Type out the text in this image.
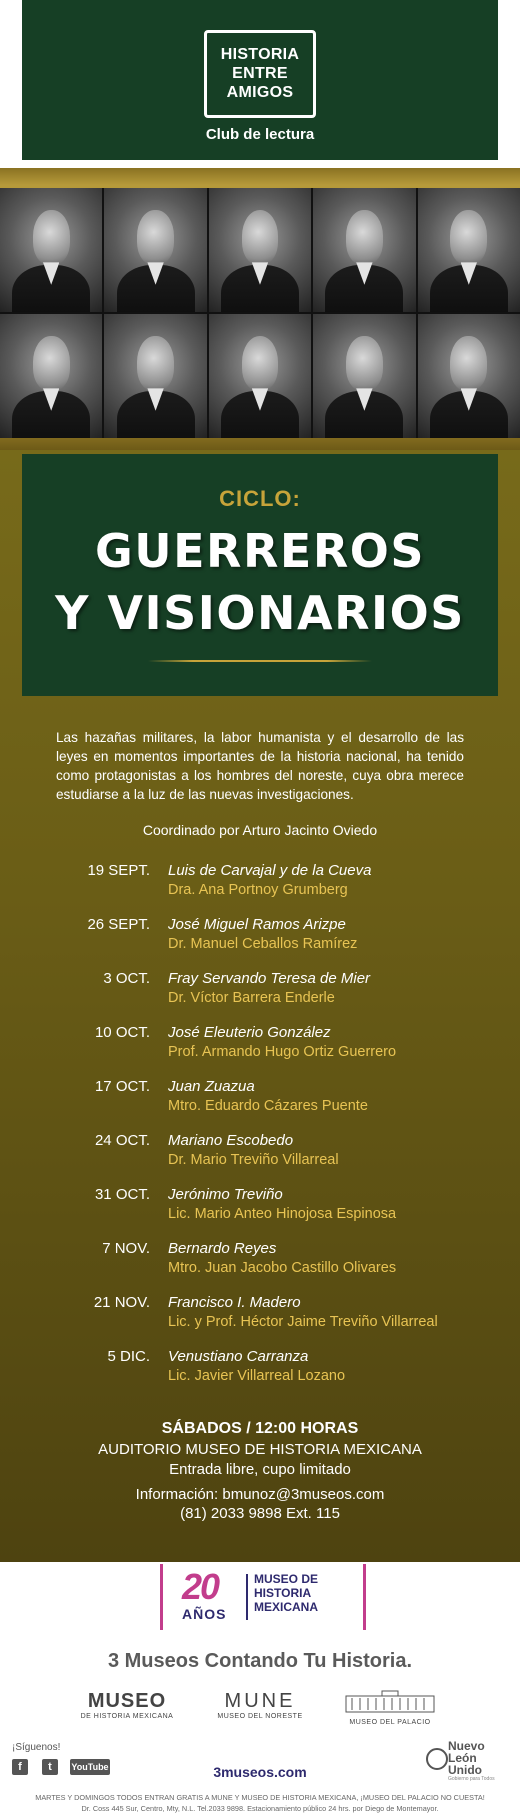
HISTORIA
ENTRE
AMIGOS
Club de lectura
CICLO:
GUERREROS
Y VISIONARIOS
Las hazañas militares, la labor humanista y el desarrollo de las leyes en momentos importantes de la historia nacional, ha tenido como protagonistas a los hombres del noreste, cuya obra merece estudiarse a la luz de las nuevas investigaciones.
Coordinado por Arturo Jacinto Oviedo
19 SEPT. Luis de Carvajal y de la Cueva
Dra. Ana Portnoy Grumberg
26 SEPT. José Miguel Ramos Arizpe
Dr. Manuel Ceballos Ramírez
3 OCT. Fray Servando Teresa de Mier
Dr. Víctor Barrera Enderle
10 OCT. José Eleuterio González
Prof. Armando Hugo Ortiz Guerrero
17 OCT. Juan Zuazua
Mtro. Eduardo Cázares Puente
24 OCT. Mariano Escobedo
Dr. Mario Treviño Villarreal
31 OCT. Jerónimo Treviño
Lic. Mario Anteo Hinojosa Espinosa
7 NOV. Bernardo Reyes
Mtro. Juan Jacobo Castillo Olivares
21 NOV. Francisco I. Madero
Lic. y Prof. Héctor Jaime Treviño Villarreal
5 DIC. Venustiano Carranza
Lic. Javier Villarreal Lozano
SÁBADOS / 12:00 HORAS
AUDITORIO MUSEO DE HISTORIA MEXICANA
Entrada libre, cupo limitado
Información: bmunoz@3museos.com
(81) 2033 9898 Ext. 115
20
AÑOS
MUSEO DE HISTORIA MEXICANA
3 Museos Contando Tu Historia.
MUSEO
DE HISTORIA MEXICANA
MUNE
MUSEO DEL NORESTE
MUSEO DEL PALACIO
¡Síguenos!
f	t	YouTube	3museos.com
Nuevo
León
Unido
Gobierno para Todos
MARTES Y DOMINGOS TODOS ENTRAN GRATIS A MUNE Y MUSEO DE HISTORIA MEXICANA, ¡MUSEO DEL PALACIO NO CUESTA!
Dr. Coss 445 Sur, Centro, Mty, N.L. Tel.2033 9898. Estacionamiento público 24 hrs. por Diego de Montemayor.
